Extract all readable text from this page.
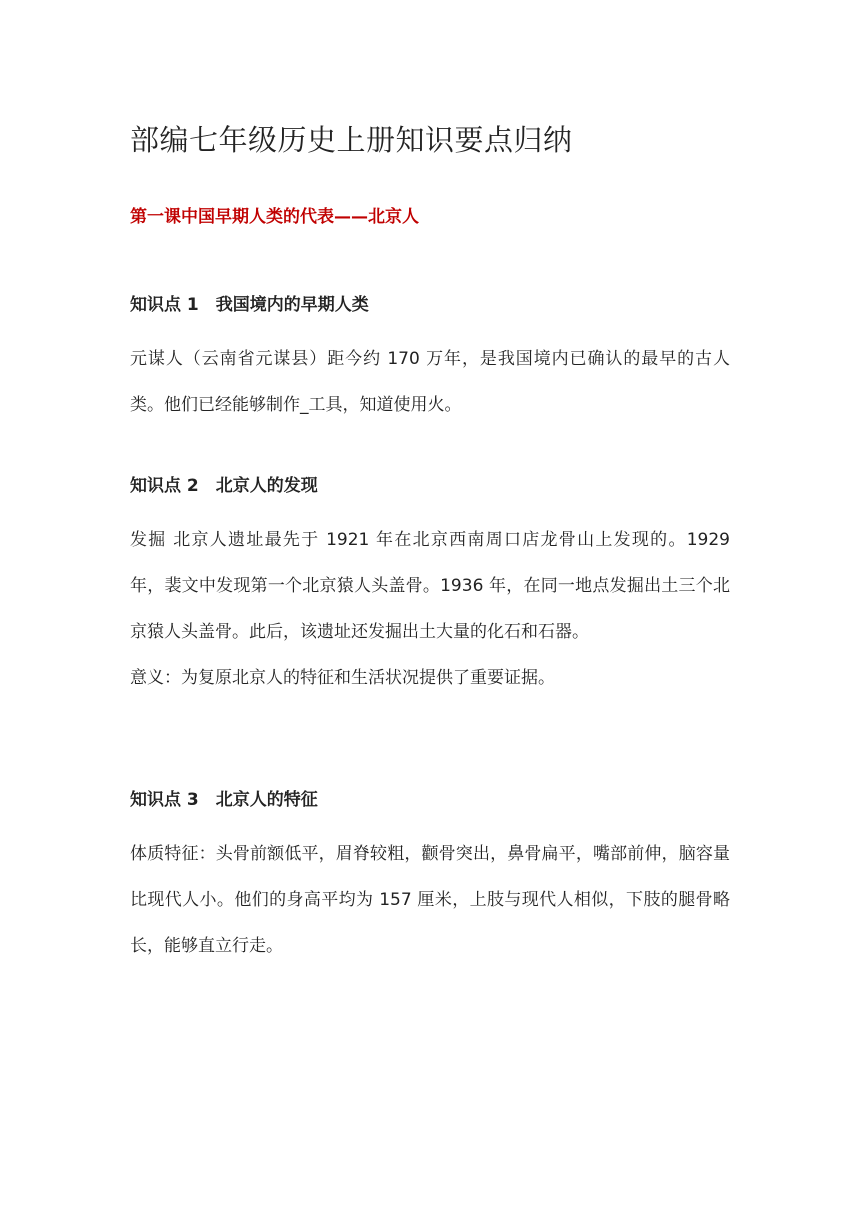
部编七年级历史上册知识要点归纳
第一课中国早期人类的代表——北京人
知识点 1　我国境内的早期人类

元谋人（云南省元谋县）距今约 170 万年，是我国境内已确认的最早的古人类。他们已经能够制作_工具，知道使用火。

知识点 2　北京人的发现

发掘 北京人遗址最先于 1921 年在北京西南周口店龙骨山上发现的。1929 年，裴文中发现第一个北京猿人头盖骨。1936 年，在同一地点发掘出土三个北京猿人头盖骨。此后，该遗址还发掘出土大量的化石和石器。

意义：为复原北京人的特征和生活状况提供了重要证据。

知识点 3　北京人的特征

体质特征：头骨前额低平，眉脊较粗，颧骨突出，鼻骨扁平，嘴部前伸，脑容量比现代人小。他们的身高平均为 157 厘米，上肢与现代人相似，下肢的腿骨略长，能够直立行走。
